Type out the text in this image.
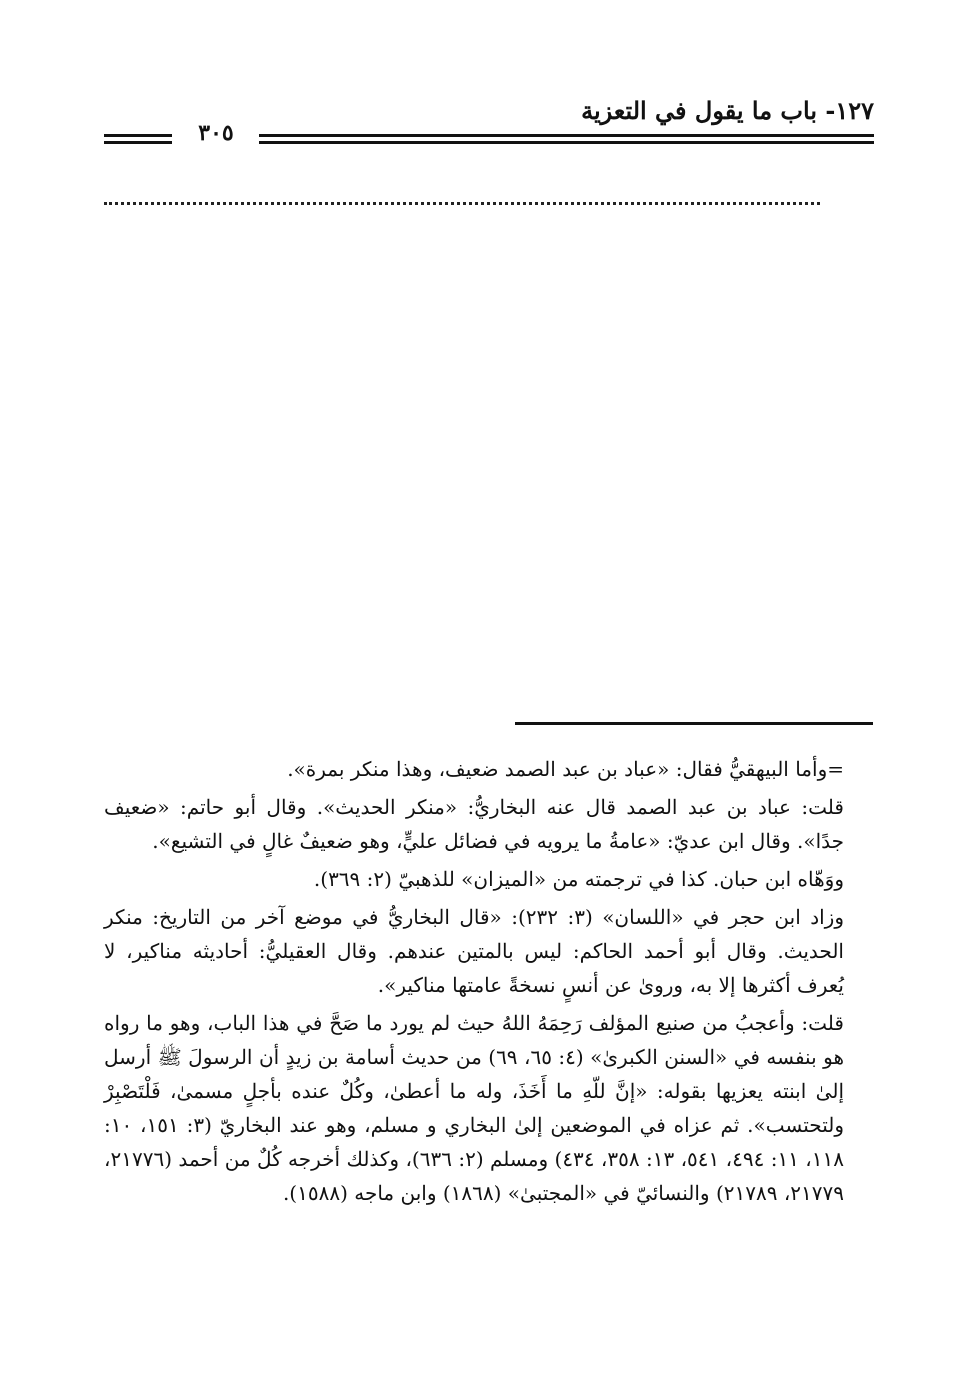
١٢٧- باب ما يقول في التعزية
٣٠٥

=وأما البيهقيُّ فقال: «عباد بن عبد الصمد ضعيف، وهذا منكر بمرة».

قلت: عباد بن عبد الصمد قال عنه البخاريُّ: «منكر الحديث». وقال أبو حاتم: «ضعيف جدًا». وقال ابن عديّ: «عامةُ ما يرويه في فضائل عليٍّ، وهو ضعيفٌ غالٍ في التشيع».

ووَهّاه ابن حبان. كذا في ترجمته من «الميزان» للذهبيّ (٢: ٣٦٩).

وزاد ابن حجر في «اللسان» (٣: ٢٣٢): «قال البخاريُّ في موضع آخر من التاريخ: منكر الحديث. وقال أبو أحمد الحاكم: ليس بالمتين عندهم. وقال العقيليُّ: أحاديثه مناكير، لا يُعرف أكثرها إلا به، وروىٰ عن أنسٍ نسخةً عامتها مناكير».

قلت: وأعجبُ من صنيع المؤلف رَحِمَهُ اللهُ حيث لم يورد ما صَحَّ في هذا الباب، وهو ما رواه هو بنفسه في «السنن الكبرىٰ» (٤: ٦٥، ٦٩) من حديث أسامة بن زيدٍ أن الرسولَ ﷺ أرسل إلىٰ ابنته يعزيها بقوله: «إنَّ للّهِ ما أَخَذَ، وله ما أعطىٰ، وكُلٌ عنده بأجلٍ مسمىٰ، فَلْتَصْبِرْ ولتحتسب». ثم عزاه في الموضعين إلىٰ البخاري و مسلم، وهو عند البخاريّ (٣: ١٥١، ١٠: ١١٨، ١١: ٤٩٤، ٥٤١، ١٣: ٣٥٨، ٤٣٤) ومسلم (٢: ٦٣٦)، وكذلك أخرجه كُلٌ من أحمد (٢١٧٧٦، ٢١٧٧٩، ٢١٧٨٩) والنسائيّ في «المجتبىٰ» (١٨٦٨) وابن ماجه (١٥٨٨).
